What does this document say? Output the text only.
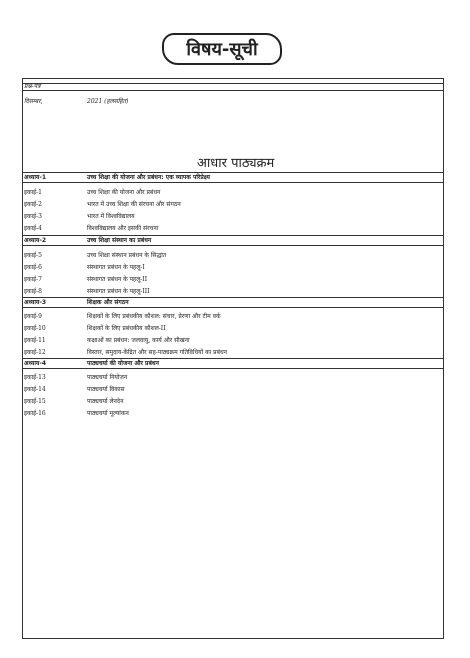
विषय-सूची
प्रश्न-पत्र
दिसम्बर,	2021 (हलसहित)
आधार पाठ्यक्रम
अध्याय-1	उच्च शिक्षा की योजना और प्रबंधन: एक व्यापक परिप्रेक्ष्य
इकाई-1	उच्च शिक्षा की योजना और प्रबंधन
इकाई-2	भारत में उच्च शिक्षा की संरचना और संगठन
इकाई-3	भारत में विश्वविद्यालय
इकाई-4	विश्वविद्यालय और इसकी संरचना
अध्याय-2	उच्च शिक्षा संस्थान का प्रबंधन
इकाई-5	उच्च शिक्षा संस्थान प्रबंधन के सिद्धांत
इकाई-6	संस्थागत प्रबंधन के पहलू-I
इकाई-7	संस्थागत प्रबंधन के पहलू-II
इकाई-8	संस्थागत प्रबंधन के पहलू-III
अध्याय-3	शिक्षक और संगठन
इकाई-9	शिक्षकों के लिए प्रबंधकीय कौशल: संचार, प्रेरणा और टीम वर्क
इकाई-10	शिक्षकों के लिए प्रबंधकीय कौशल-II
इकाई-11	कक्षाओं का प्रबंधन: जलवायु, कार्य और सीखना
इकाई-12	विस्तार, समुदाय-केंद्रित और सह-पाठ्यक्रम गतिविधियों का प्रबंधन
अध्याय-4	पाठ्यचर्या की योजना और प्रबंधन
इकाई-13	पाठ्यचर्या नियोजन
इकाई-14	पाठ्यचर्या विकास
इकाई-15	पाठ्यचर्या लेनदेन
इकाई-16	पाठ्यचर्या मूल्यांकन
